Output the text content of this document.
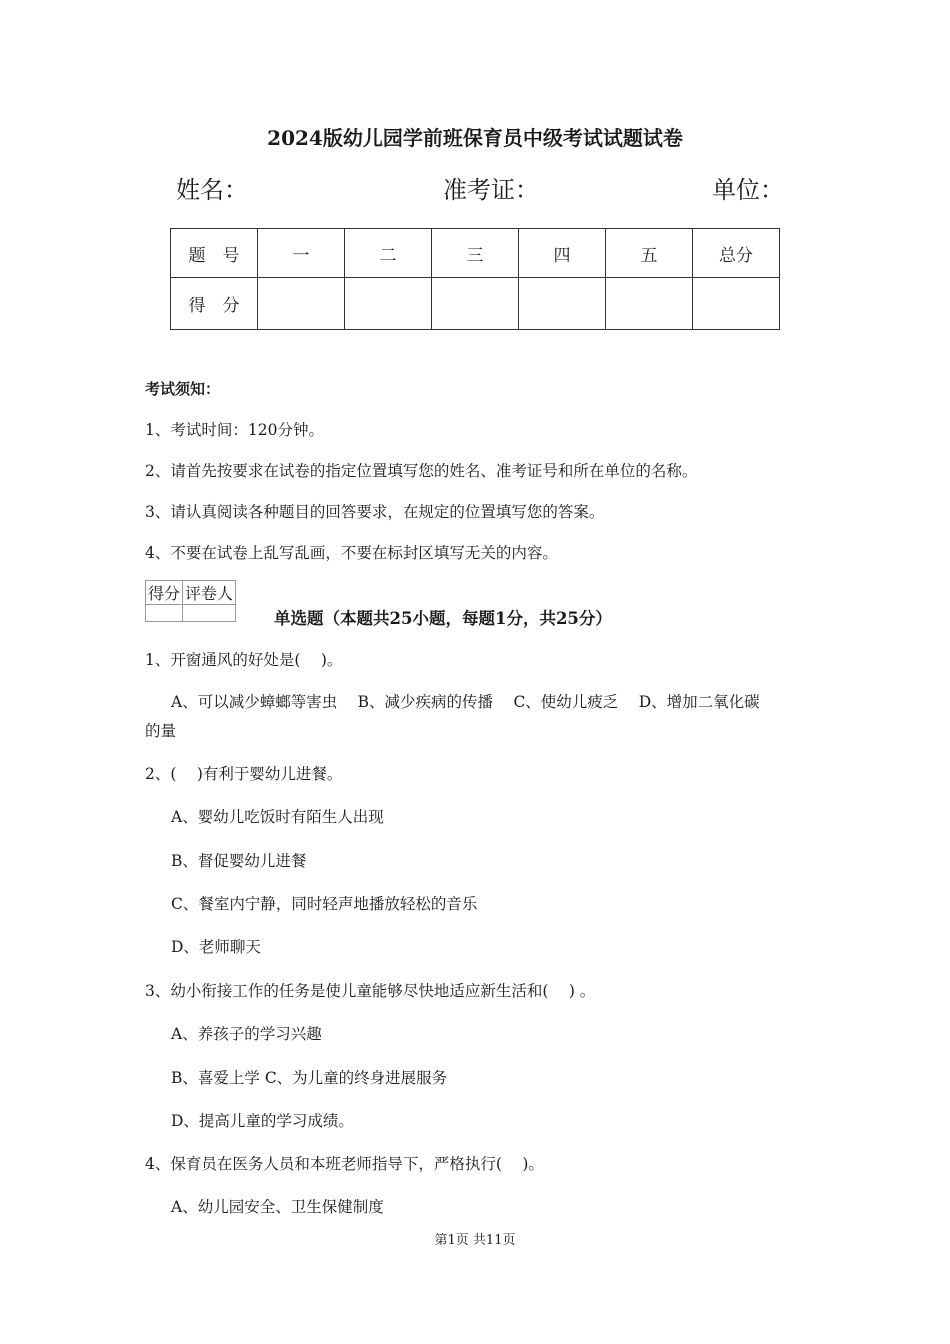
2024版幼儿园学前班保育员中级考试试题试卷
姓名：	准考证：	单位：
题　号	一	二	三	四	五	总分
得　分						
考试须知：
1、考试时间：120分钟。
2、请首先按要求在试卷的指定位置填写您的姓名、准考证号和所在单位的名称。
3、请认真阅读各种题目的回答要求，在规定的位置填写您的答案。
4、不要在试卷上乱写乱画，不要在标封区填写无关的内容。
得分	评卷人

单选题（本题共25小题，每题1分，共25分）
1、开窗通风的好处是(　 )。
A、可以减少蟑螂等害虫　 B、减少疾病的传播　 C、使幼儿疲乏　 D、增加二氧化碳
的量
2、(　 )有利于婴幼儿进餐。
A、婴幼儿吃饭时有陌生人出现
B、督促婴幼儿进餐
C、餐室内宁静，同时轻声地播放轻松的音乐
D、老师聊天
3、幼小衔接工作的任务是使儿童能够尽快地适应新生活和(　 ) 。
A、养孩子的学习兴趣
B、喜爱上学 C、为儿童的终身进展服务
D、提高儿童的学习成绩。
4、保育员在医务人员和本班老师指导下，严格执行(　 )。
A、幼儿园安全、卫生保健制度
第1页 共11页
